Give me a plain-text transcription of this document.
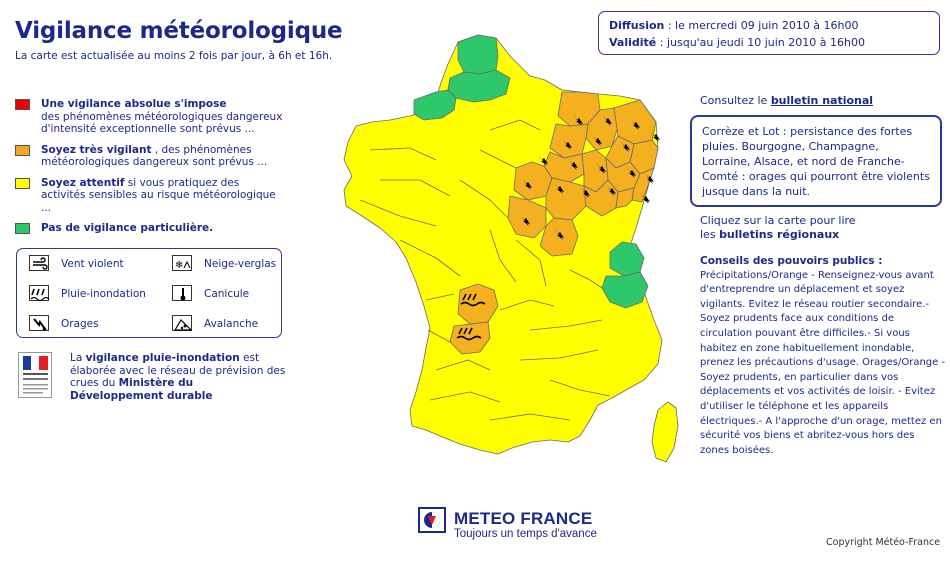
Vigilance météorologique
La carte est actualisée au moins 2 fois par jour, à 6h et 16h.
Diffusion : le mercredi 09 juin 2010 à 16h00
Validité : jusqu'au jeudi 10 juin 2010 à 16h00
Une vigilance absolue s'impose
des phénomènes météorologiques dangereux d'intensité exceptionnelle sont prévus ...
Soyez très vigilant , des phénomènes météorologiques dangereux sont prévus ...
Soyez attentif si vous pratiquez des activités sensibles au risque météorologique ...
Pas de vigilance particulière.
Vent violent	❄ Neige-verglas
Pluie-inondation	Canicule
Orages	Avalanche
La vigilance pluie-inondation est élaborée avec le réseau de prévision des crues du Ministère du Développement durable
Consultez le bulletin national
Corrèze et Lot : persistance des fortes pluies. Bourgogne, Champagne, Lorraine, Alsace, et nord de Franche-Comté : orages qui pourront être violents jusque dans la nuit.
Cliquez sur la carte pour lire
les bulletins régionaux
Conseils des pouvoirs publics :
Précipitations/Orange - Renseignez-vous avant d'entreprendre un déplacement et soyez vigilants. Evitez le réseau routier secondaire.- Soyez prudents face aux conditions de circulation pouvant être difficiles.- Si vous habitez en zone habituellement inondable, prenez les précautions d'usage. Orages/Orange - Soyez prudents, en particulier dans vos déplacements et vos activités de loisir. - Evitez d'utiliser le téléphone et les appareils électriques.- A l'approche d'un orage, mettez en sécurité vos biens et abritez-vous hors des zones boisées.
METEO FRANCE
Toujours un temps d'avance
Copyright Météo-France
